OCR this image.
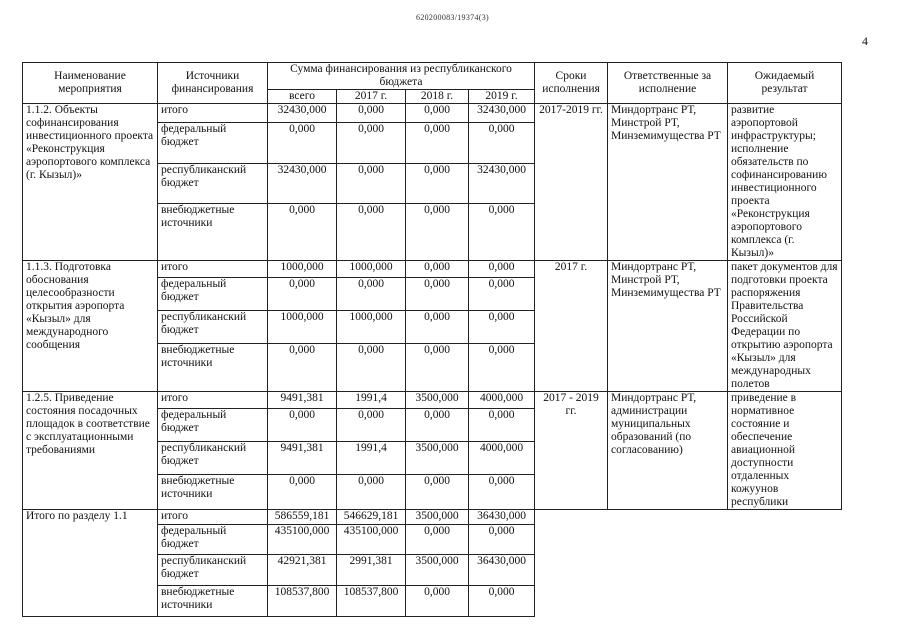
620200083/19374(3)
4
Наименование мероприятия	Источники финансирования	Сумма финансирования из республиканского бюджета				Сроки исполнения	Ответственные за исполнение	Ожидаемый результат
		всего	2017 г.	2018 г.	2019 г.			
1.1.2. Объекты софинансирования инвестиционного проекта «Реконструкция аэропортового комплекса (г. Кызыл)»	итого	32430,000	0,000	0,000	32430,000	2017-2019 гг.	Миндортранс РТ, Минстрой РТ, Минземимущества РТ	развитие аэропортовой инфраструктуры; исполнение обязательств по софинансированию инвестиционного проекта «Реконструкция аэропортового комплекса (г. Кызыл)»
	федеральный бюджет	0,000	0,000	0,000	0,000			
	республиканский бюджет	32430,000	0,000	0,000	32430,000			
	внебюджетные источники	0,000	0,000	0,000	0,000			
1.1.3. Подготовка обоснования целесообразности открытия аэропорта «Кызыл» для международного сообщения	итого	1000,000	1000,000	0,000	0,000	2017 г.	Миндортранс РТ, Минстрой РТ, Минземимущества РТ	пакет документов для подготовки проекта распоряжения Правительства Российской Федерации по открытию аэропорта «Кызыл» для международных полетов
	федеральный бюджет	0,000	0,000	0,000	0,000			
	республиканский бюджет	1000,000	1000,000	0,000	0,000			
	внебюджетные источники	0,000	0,000	0,000	0,000			
1.2.5. Приведение состояния посадочных площадок в соответствие с эксплуатационными требованиями	итого	9491,381	1991,4	3500,000	4000,000	2017 - 2019 гг.	Миндортранс РТ, администрации муниципальных образований (по согласованию)	приведение в нормативное состояние и обеспечение авиационной доступности отдаленных кожуунов республики
	федеральный бюджет	0,000	0,000	0,000	0,000			
	республиканский бюджет	9491,381	1991,4	3500,000	4000,000			
	внебюджетные источники	0,000	0,000	0,000	0,000			
Итого по разделу 1.1	итого	586559,181	546629,181	3500,000	36430,000			
	федеральный бюджет	435100,000	435100,000	0,000	0,000			
	республиканский бюджет	42921,381	2991,381	3500,000	36430,000			
	внебюджетные источники	108537,800	108537,800	0,000	0,000			
